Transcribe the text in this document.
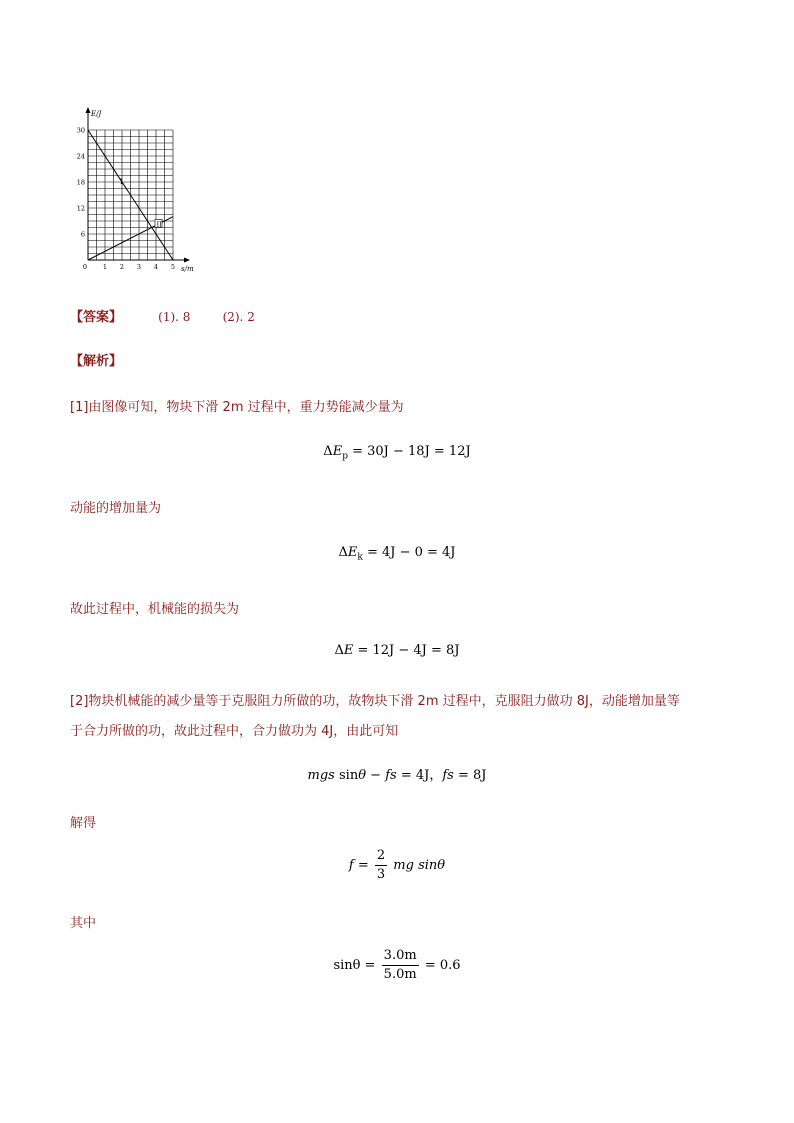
E/J
s/m
30
24
18
12
6
0 1 2 3 4 5
I
II
【答案】	(1). 8	(2). 2
【解析】
[1]由图像可知，物块下滑 2m 过程中，重力势能减少量为
$\Delta E_p = 30J - 18J = 12J$
动能的增加量为
$\Delta E_k = 4J - 0 = 4J$
故此过程中，机械能的损失为
ΔE = 12J − 4J = 8J
[2]物块机械能的减少量等于克服阻力所做的功，故物块下滑 2m 过程中，克服阻力做功 8J，动能增加量等
于合力所做的功，故此过程中，合力做功为 4J，由此可知
mgs sinθ − fs = 4J，fs = 8J
解得
$f = \frac{2}{3}$ mg sinθ
其中
$\sin\theta = \frac{3.0m}{5.0m} = 0.6$
